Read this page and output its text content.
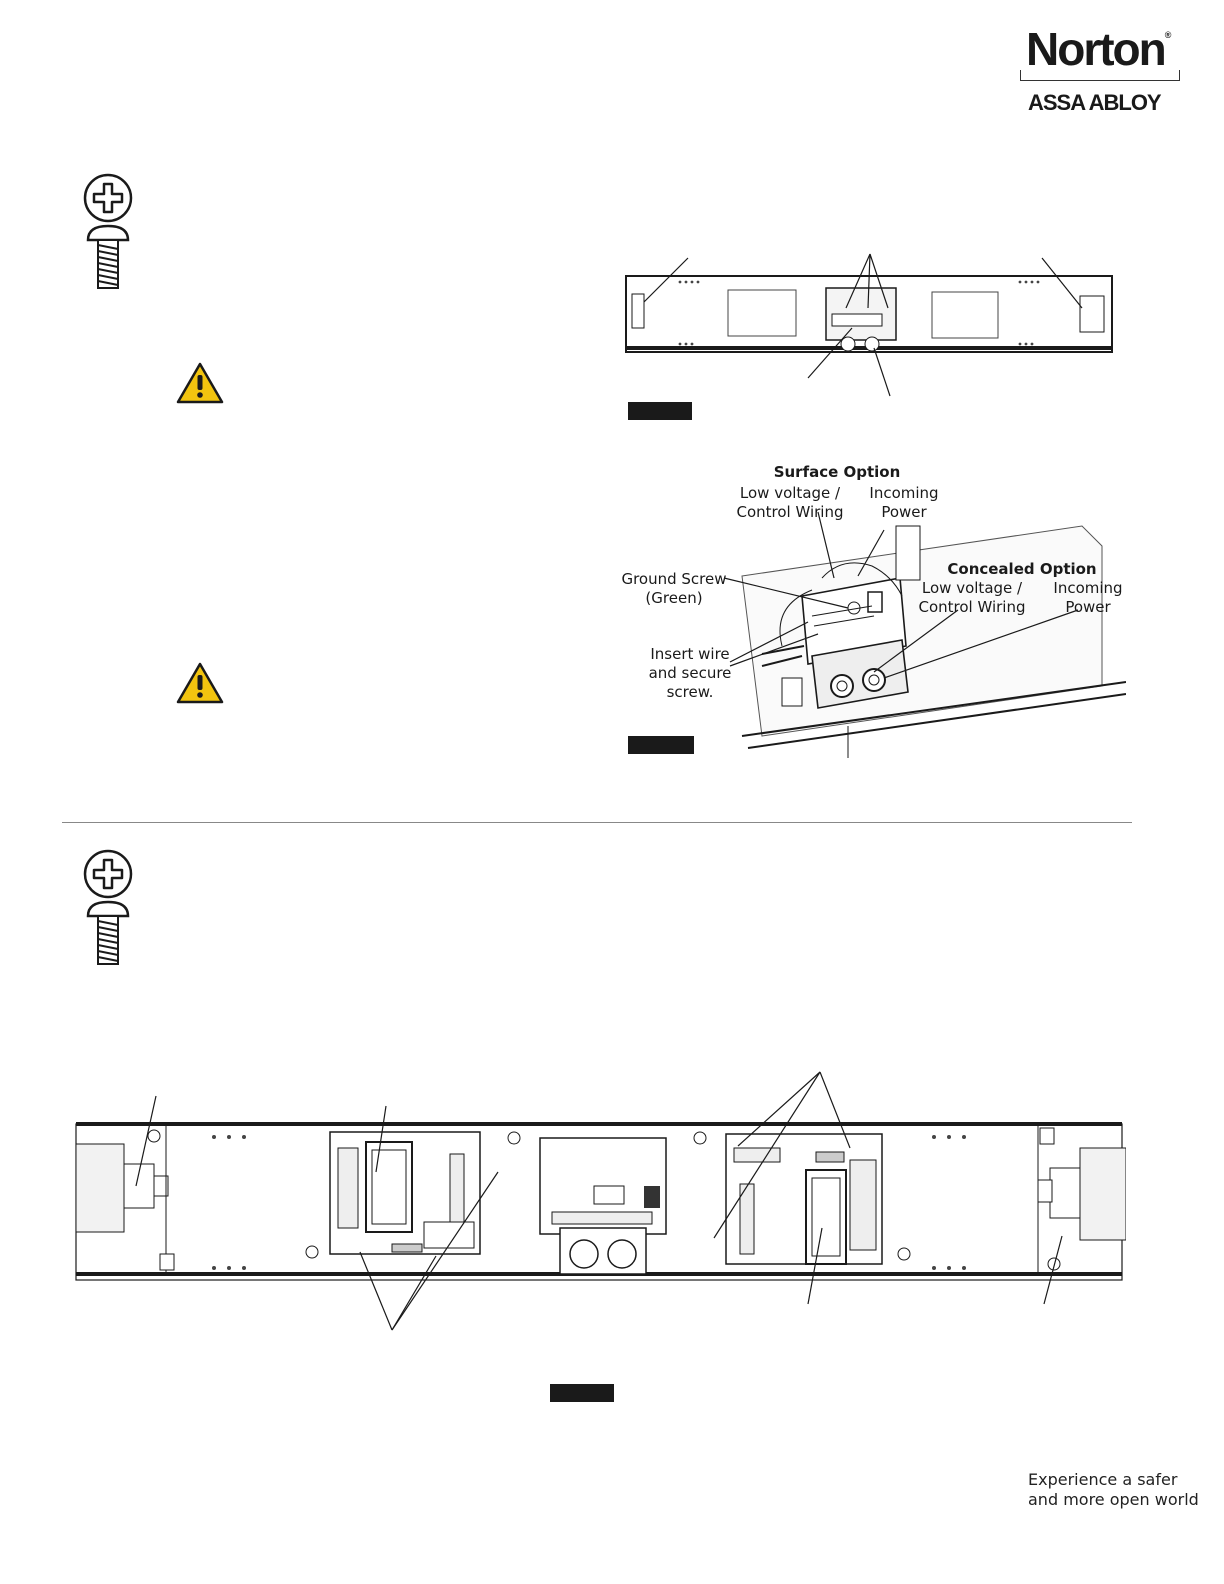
Norton®
ASSA ABLOY
Surface Option
Low voltage /
Control Wiring
Incoming
Power
Concealed Option
Low voltage /
Control Wiring
Incoming
Power
Ground Screw
(Green)
Insert wire
and secure
screw.
Experience a safer
and more open world
